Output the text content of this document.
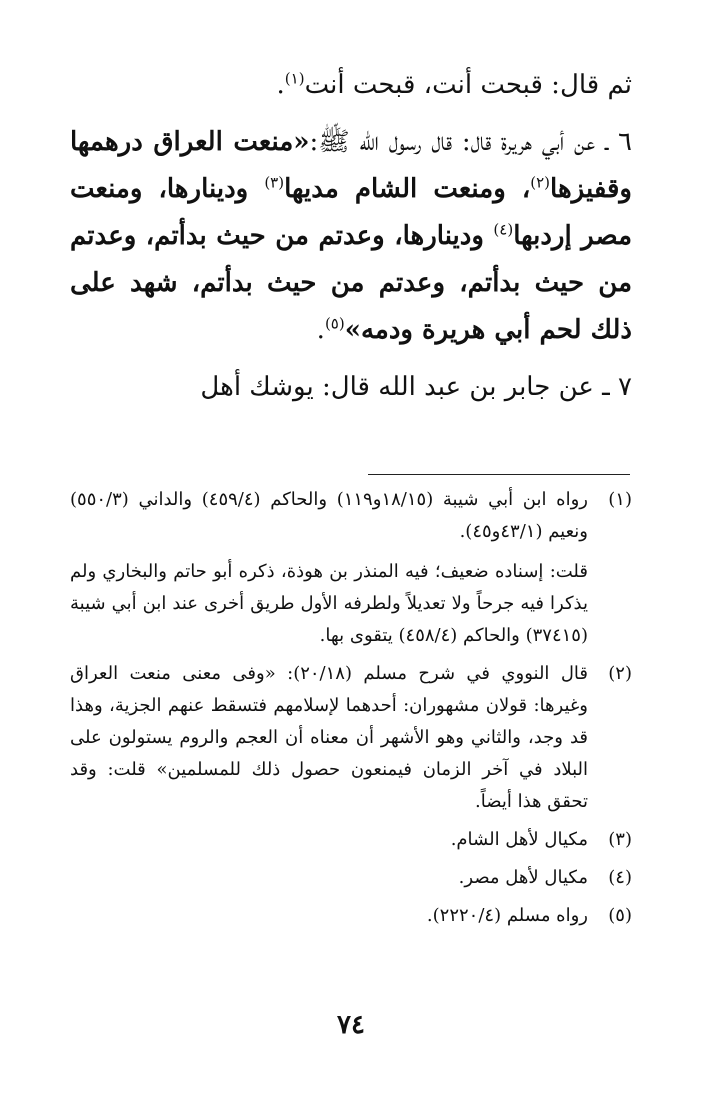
ثم قال: قبحت أنت، قبحت أنت$^{(١)}$.

٦ ـ عن أبي هريرة قال: قال رسول الله ﷺ:«منعت العراق درهمها وقفيزها$^{(٢)}$، ومنعت الشام مديها$^{(٣)}$ ودينارها، ومنعت مصر إردبها$^{(٤)}$ ودينارها، وعدتم من حيث بدأتم، وعدتم من حيث بدأتم، وعدتم من حيث بدأتم، شهد على ذلك لحم أبي هريرة ودمه»$^{(٥)}$.

٧ ـ عن جابر بن عبد الله قال: يوشك أهل

(١)

رواه ابن أبي شيبة (١٨/١٥و١١٩) والحاكم (٤٥٩/٤) والداني (٥٥٠/٣) ونعيم (٤٣/١و٤٥).

قلت: إسناده ضعيف؛ فيه المنذر بن هوذة، ذكره أبو حاتم والبخاري ولم يذكرا فيه جرحاً ولا تعديلاً ولطرفه الأول طريق أخرى عند ابن أبي شيبة (٣٧٤١٥) والحاكم (٤٥٨/٤) يتقوى بها.

(٢)

قال النووي في شرح مسلم (٢٠/١٨): «وفى معنى منعت العراق وغيرها: قولان مشهوران: أحدهما لإسلامهم فتسقط عنهم الجزية، وهذا قد وجد، والثاني وهو الأشهر أن معناه أن العجم والروم يستولون على البلاد في آخر الزمان فيمنعون حصول ذلك للمسلمين» قلت: وقد تحقق هذا أيضاً.

(٣)

مكيال لأهل الشام.

(٤)

مكيال لأهل مصر.

(٥)

رواه مسلم (٢٢٢٠/٤).

٧٤
